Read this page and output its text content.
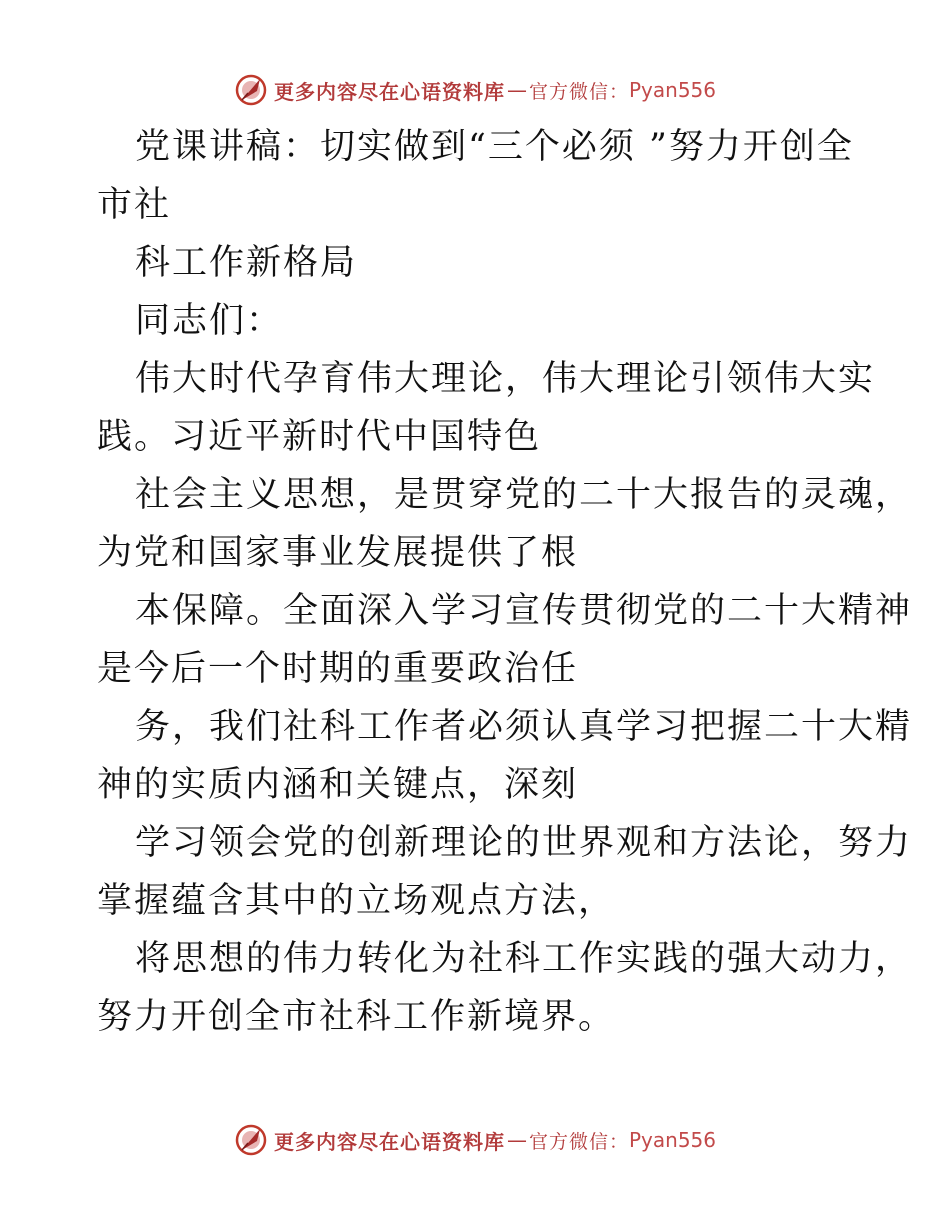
更多内容尽在心语资料库 — 官方微信： Pyan556
党课讲稿：切实做到“三个必须 ”努力开创全
市社
科工作新格局
同志们：
伟大时代孕育伟大理论，伟大理论引领伟大实
践。习近平新时代中国特色
社会主义思想，是贯穿党的二十大报告的灵魂，
为党和国家事业发展提供了根
本保障。全面深入学习宣传贯彻党的二十大精神
是今后一个时期的重要政治任
务，我们社科工作者必须认真学习把握二十大精
神的实质内涵和关键点，深刻
学习领会党的创新理论的世界观和方法论，努力
掌握蕴含其中的立场观点方法，
将思想的伟力转化为社科工作实践的强大动力，
努力开创全市社科工作新境界。
更多内容尽在心语资料库 — 官方微信： Pyan556
